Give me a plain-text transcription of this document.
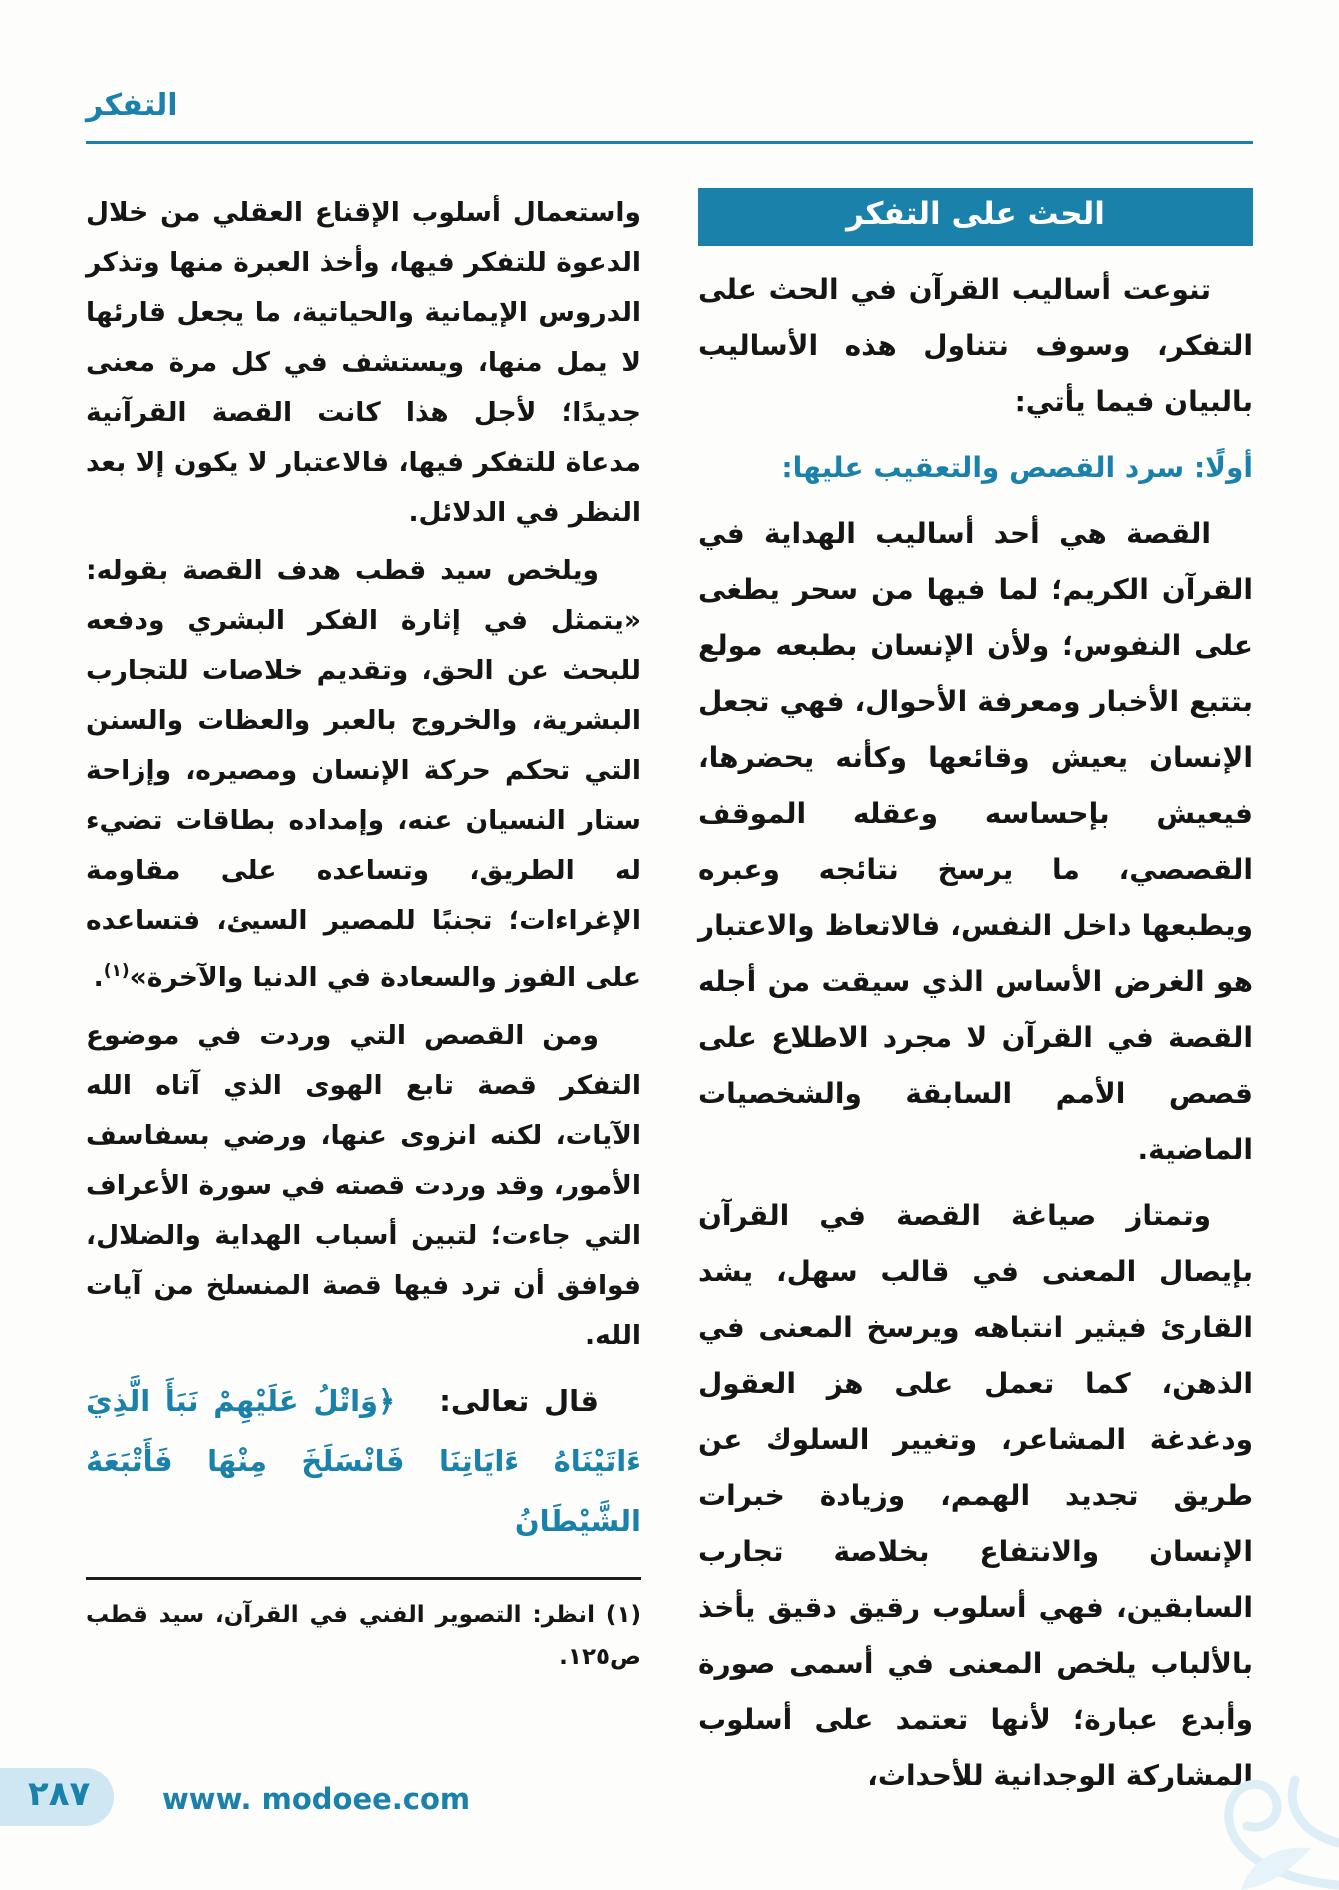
التفكر
الحث على التفكر

تنوعت أساليب القرآن في الحث على التفكر، وسوف نتناول هذه الأساليب بالبيان فيما يأتي:

أولًا: سرد القصص والتعقيب عليها:

القصة هي أحد أساليب الهداية في القرآن الكريم؛ لما فيها من سحر يطغى على النفوس؛ ولأن الإنسان بطبعه مولع بتتبع الأخبار ومعرفة الأحوال، فهي تجعل الإنسان يعيش وقائعها وكأنه يحضرها، فيعيش بإحساسه وعقله الموقف القصصي، ما يرسخ نتائجه وعبره ويطبعها داخل النفس، فالاتعاظ والاعتبار هو الغرض الأساس الذي سيقت من أجله القصة في القرآن لا مجرد الاطلاع على قصص الأمم السابقة والشخصيات الماضية.

وتمتاز صياغة القصة في القرآن بإيصال المعنى في قالب سهل، يشد القارئ فيثير انتباهه ويرسخ المعنى في الذهن، كما تعمل على هز العقول ودغدغة المشاعر، وتغيير السلوك عن طريق تجديد الهمم، وزيادة خبرات الإنسان والانتفاع بخلاصة تجارب السابقين، فهي أسلوب رقيق دقيق يأخذ بالألباب يلخص المعنى في أسمى صورة وأبدع عبارة؛ لأنها تعتمد على أسلوب المشاركة الوجدانية للأحداث،

واستعمال أسلوب الإقناع العقلي من خلال الدعوة للتفكر فيها، وأخذ العبرة منها وتذكر الدروس الإيمانية والحياتية، ما يجعل قارئها لا يمل منها، ويستشف في كل مرة معنى جديدًا؛ لأجل هذا كانت القصة القرآنية مدعاة للتفكر فيها، فالاعتبار لا يكون إلا بعد النظر في الدلائل.

ويلخص سيد قطب هدف القصة بقوله: «يتمثل في إثارة الفكر البشري ودفعه للبحث عن الحق، وتقديم خلاصات للتجارب البشرية، والخروج بالعبر والعظات والسنن التي تحكم حركة الإنسان ومصيره، وإزاحة ستار النسيان عنه، وإمداده بطاقات تضيء له الطريق، وتساعده على مقاومة الإغراءات؛ تجنبًا للمصير السيئ، فتساعده على الفوز والسعادة في الدنيا والآخرة»$^{(١)}$.

ومن القصص التي وردت في موضوع التفكر قصة تابع الهوى الذي آتاه الله الآيات، لكنه انزوى عنها، ورضي بسفاسف الأمور، وقد وردت قصته في سورة الأعراف التي جاءت؛ لتبين أسباب الهداية والضلال، فوافق أن ترد فيها قصة المنسلخ من آيات الله.

قال تعالى:   ﴿وَاتْلُ عَلَيْهِمْ نَبَأَ الَّذِيَ ءَاتَيْنَاهُ ءَايَاتِنَا فَانْسَلَخَ مِنْهَا فَأَتْبَعَهُ الشَّيْطَانُ

(١) انظر: التصوير الفني في القرآن، سيد قطب ص١٢٥.
٢٨٧ www. modoee.com
